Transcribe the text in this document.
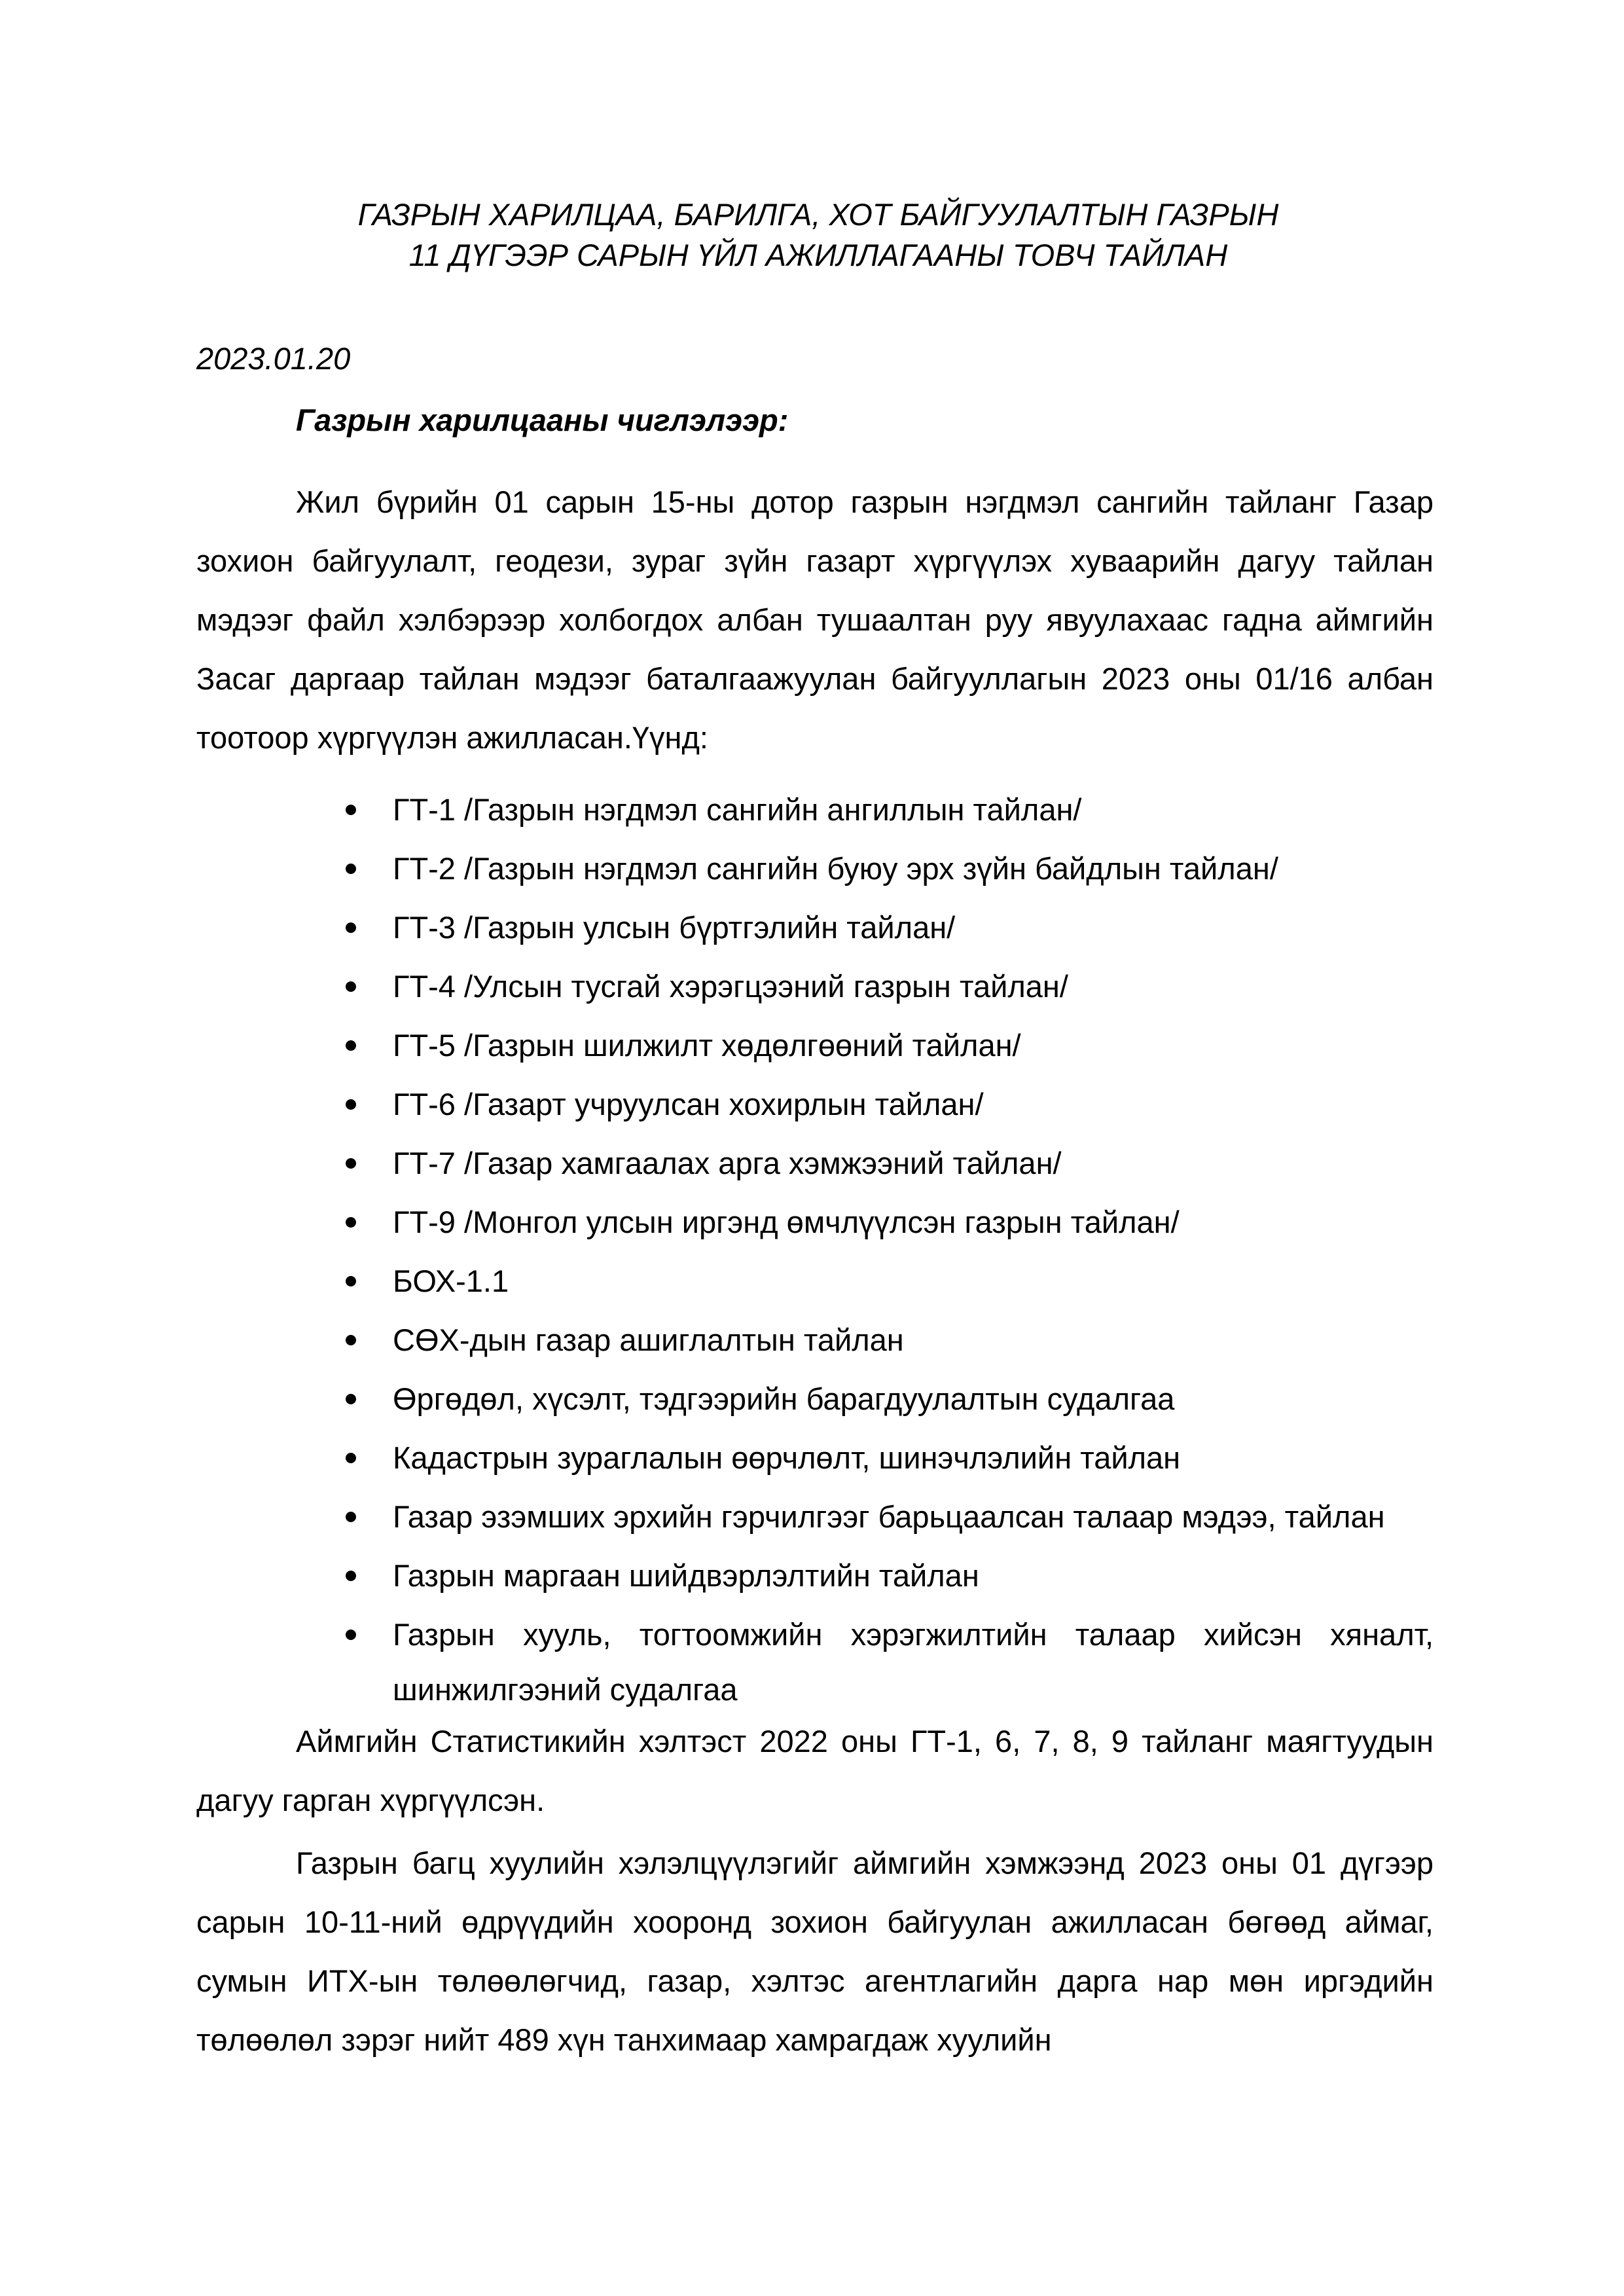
ГАЗРЫН ХАРИЛЦАА, БАРИЛГА, ХОТ БАЙГУУЛАЛТЫН ГАЗРЫН
11 ДҮГЭЭР САРЫН ҮЙЛ АЖИЛЛАГААНЫ ТОВЧ ТАЙЛАН
2023.01.20
Газрын харилцааны чиглэлээр:

Жил бүрийн 01 сарын 15-ны дотор газрын нэгдмэл сангийн тайланг Газар зохион байгуулалт, геодези, зураг зүйн газарт хүргүүлэх хуваарийн дагуу тайлан мэдээг файл хэлбэрээр холбогдох албан тушаалтан руу явуулахаас гадна аймгийн Засаг даргаар тайлан мэдээг баталгаажуулан байгууллагын 2023 оны 01/16 албан тоотоор хүргүүлэн ажилласан.Үүнд:

ГТ-1 /Газрын нэгдмэл сангийн ангиллын тайлан/
ГТ-2 /Газрын нэгдмэл сангийн буюу эрх зүйн байдлын тайлан/
ГТ-3 /Газрын улсын бүртгэлийн тайлан/
ГТ-4 /Улсын тусгай хэрэгцээний газрын тайлан/
ГТ-5 /Газрын шилжилт хөдөлгөөний тайлан/
ГТ-6 /Газарт учруулсан хохирлын тайлан/
ГТ-7 /Газар хамгаалах арга хэмжээний тайлан/
ГТ-9 /Монгол улсын иргэнд өмчлүүлсэн газрын тайлан/
БОХ-1.1
СӨХ-дын газар ашиглалтын тайлан
Өргөдөл, хүсэлт, тэдгээрийн барагдуулалтын судалгаа
Кадастрын зураглалын өөрчлөлт, шинэчлэлийн тайлан
Газар эзэмших эрхийн гэрчилгээг барьцаалсан талаар мэдээ, тайлан
Газрын маргаан шийдвэрлэлтийн тайлан
Газрын хууль, тогтоомжийн хэрэгжилтийн талаар хийсэн хяналт, шинжилгээний судалгаа

Аймгийн Статистикийн хэлтэст 2022 оны ГТ-1, 6, 7, 8, 9 тайланг маягтуудын дагуу гарган хүргүүлсэн.

Газрын багц хуулийн хэлэлцүүлэгийг аймгийн хэмжээнд 2023 оны 01 дүгээр сарын 10-11-ний өдрүүдийн хооронд зохион байгуулан ажилласан бөгөөд аймаг, сумын ИТХ-ын төлөөлөгчид, газар, хэлтэс агентлагийн дарга нар мөн иргэдийн төлөөлөл зэрэг нийт 489 хүн танхимаар хамрагдаж хуулийн
